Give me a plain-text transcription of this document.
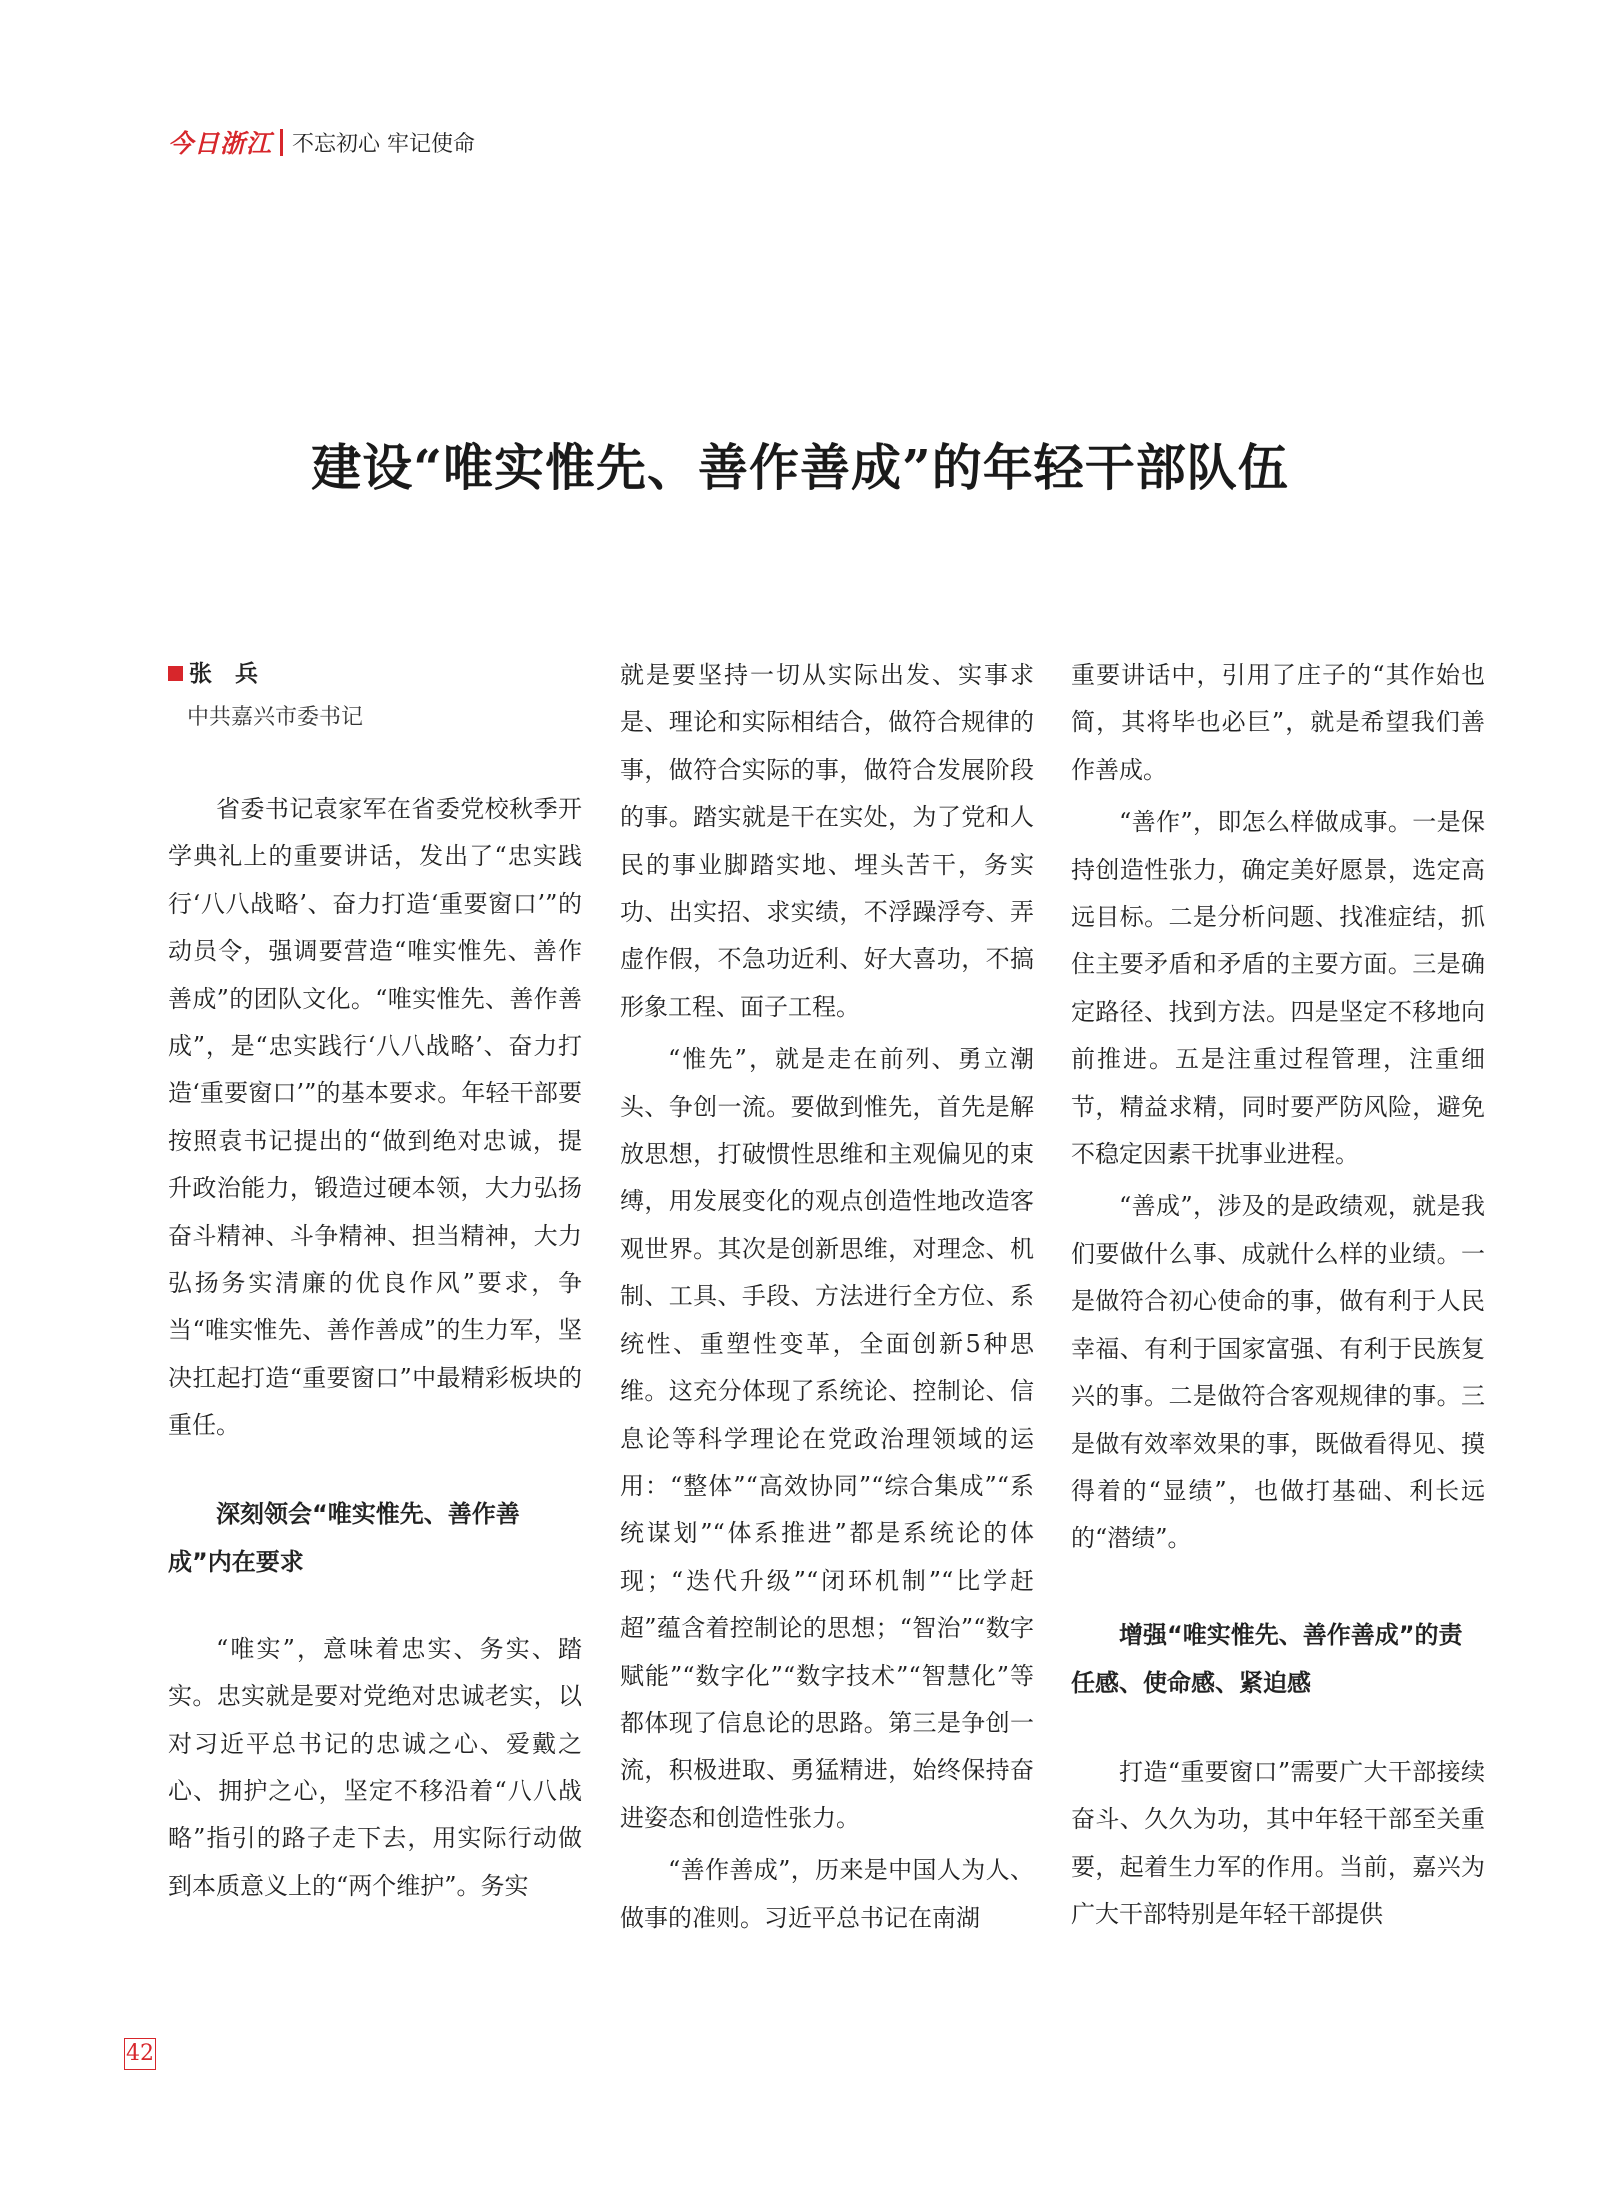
今日浙江 不忘初心 牢记使命
建设“唯实惟先、善作善成”的年轻干部队伍
张　兵
中共嘉兴市委书记

省委书记袁家军在省委党校秋季开学典礼上的重要讲话，发出了“忠实践行‘八八战略’、奋力打造‘重要窗口’”的动员令，强调要营造“唯实惟先、善作善成”的团队文化。“唯实惟先、善作善成”，是“忠实践行‘八八战略’、奋力打造‘重要窗口’”的基本要求。年轻干部要按照袁书记提出的“做到绝对忠诚，提升政治能力，锻造过硬本领，大力弘扬奋斗精神、斗争精神、担当精神，大力弘扬务实清廉的优良作风”要求，争当“唯实惟先、善作善成”的生力军，坚决扛起打造“重要窗口”中最精彩板块的重任。

深刻领会“唯实惟先、善作善成”内在要求

“唯实”，意味着忠实、务实、踏实。忠实就是要对党绝对忠诚老实，以对习近平总书记的忠诚之心、爱戴之心、拥护之心，坚定不移沿着“八八战略”指引的路子走下去，用实际行动做到本质意义上的“两个维护”。务实

就是要坚持一切从实际出发、实事求是、理论和实际相结合，做符合规律的事，做符合实际的事，做符合发展阶段的事。踏实就是干在实处，为了党和人民的事业脚踏实地、埋头苦干，务实功、出实招、求实绩，不浮躁浮夸、弄虚作假，不急功近利、好大喜功，不搞形象工程、面子工程。

“惟先”，就是走在前列、勇立潮头、争创一流。要做到惟先，首先是解放思想，打破惯性思维和主观偏见的束缚，用发展变化的观点创造性地改造客观世界。其次是创新思维，对理念、机制、工具、手段、方法进行全方位、系统性、重塑性变革，全面创新5种思维。这充分体现了系统论、控制论、信息论等科学理论在党政治理领域的运用：“整体”“高效协同”“综合集成”“系统谋划”“体系推进”都是系统论的体现；“迭代升级”“闭环机制”“比学赶超”蕴含着控制论的思想；“智治”“数字赋能”“数字化”“数字技术”“智慧化”等都体现了信息论的思路。第三是争创一流，积极进取、勇猛精进，始终保持奋进姿态和创造性张力。

“善作善成”，历来是中国人为人、做事的准则。习近平总书记在南湖

重要讲话中，引用了庄子的“其作始也简，其将毕也必巨”，就是希望我们善作善成。

“善作”，即怎么样做成事。一是保持创造性张力，确定美好愿景，选定高远目标。二是分析问题、找准症结，抓住主要矛盾和矛盾的主要方面。三是确定路径、找到方法。四是坚定不移地向前推进。五是注重过程管理，注重细节，精益求精，同时要严防风险，避免不稳定因素干扰事业进程。

“善成”，涉及的是政绩观，就是我们要做什么事、成就什么样的业绩。一是做符合初心使命的事，做有利于人民幸福、有利于国家富强、有利于民族复兴的事。二是做符合客观规律的事。三是做有效率效果的事，既做看得见、摸得着的“显绩”，也做打基础、利长远的“潜绩”。

增强“唯实惟先、善作善成”的责任感、使命感、紧迫感

打造“重要窗口”需要广大干部接续奋斗、久久为功，其中年轻干部至关重要，起着生力军的作用。当前，嘉兴为广大干部特别是年轻干部提供

42
